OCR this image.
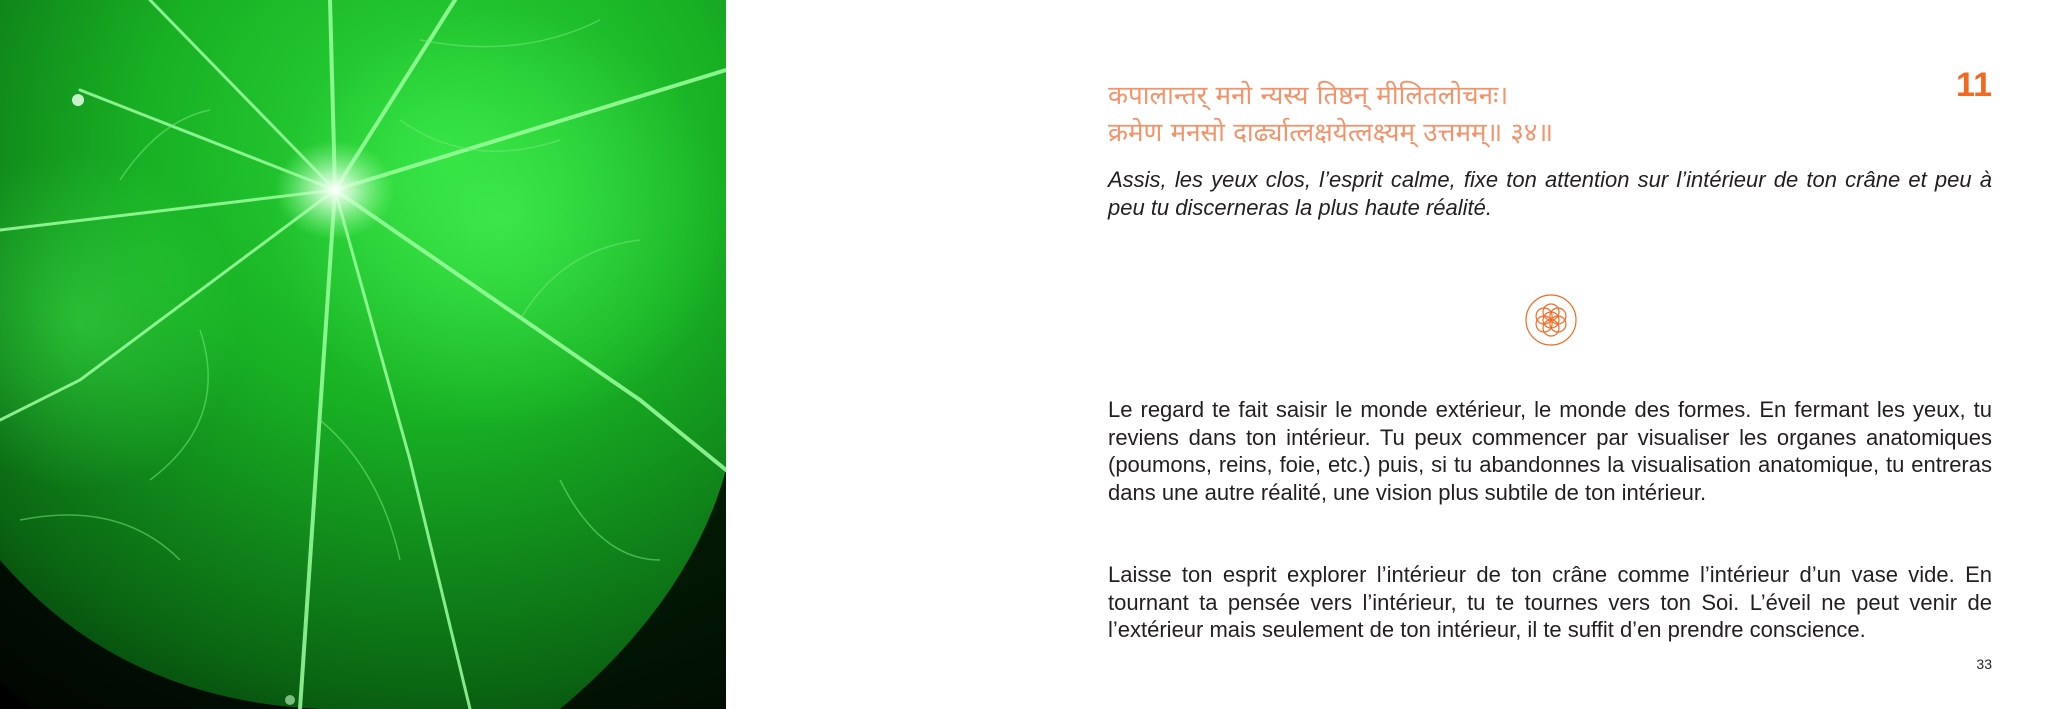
कपालान्तर् मनो न्यस्य तिष्ठन् मीलितलोचनः।
क्रमेण मनसो दार्ढ्यात्लक्षयेत्लक्ष्यम् उत्तमम्॥ ३४॥
11
Assis, les yeux clos, l’esprit calme, fixe ton attention sur l’intérieur de ton crâne et peu à peu tu discerneras la plus haute réalité.
Le regard te fait saisir le monde extérieur, le monde des formes. En fermant les yeux, tu reviens dans ton intérieur. Tu peux commencer par visualiser les organes anatomiques (poumons, reins, foie, etc.) puis, si tu abandonnes la visualisation anatomique, tu entreras dans une autre réalité, une vision plus subtile de ton intérieur.
Laisse ton esprit explorer l’intérieur de ton crâne comme l’intérieur d’un vase vide. En tournant ta pensée vers l’intérieur, tu te tournes vers ton Soi. L’éveil ne peut venir de l’extérieur mais seulement de ton intérieur, il te suffit d’en prendre conscience.
33
